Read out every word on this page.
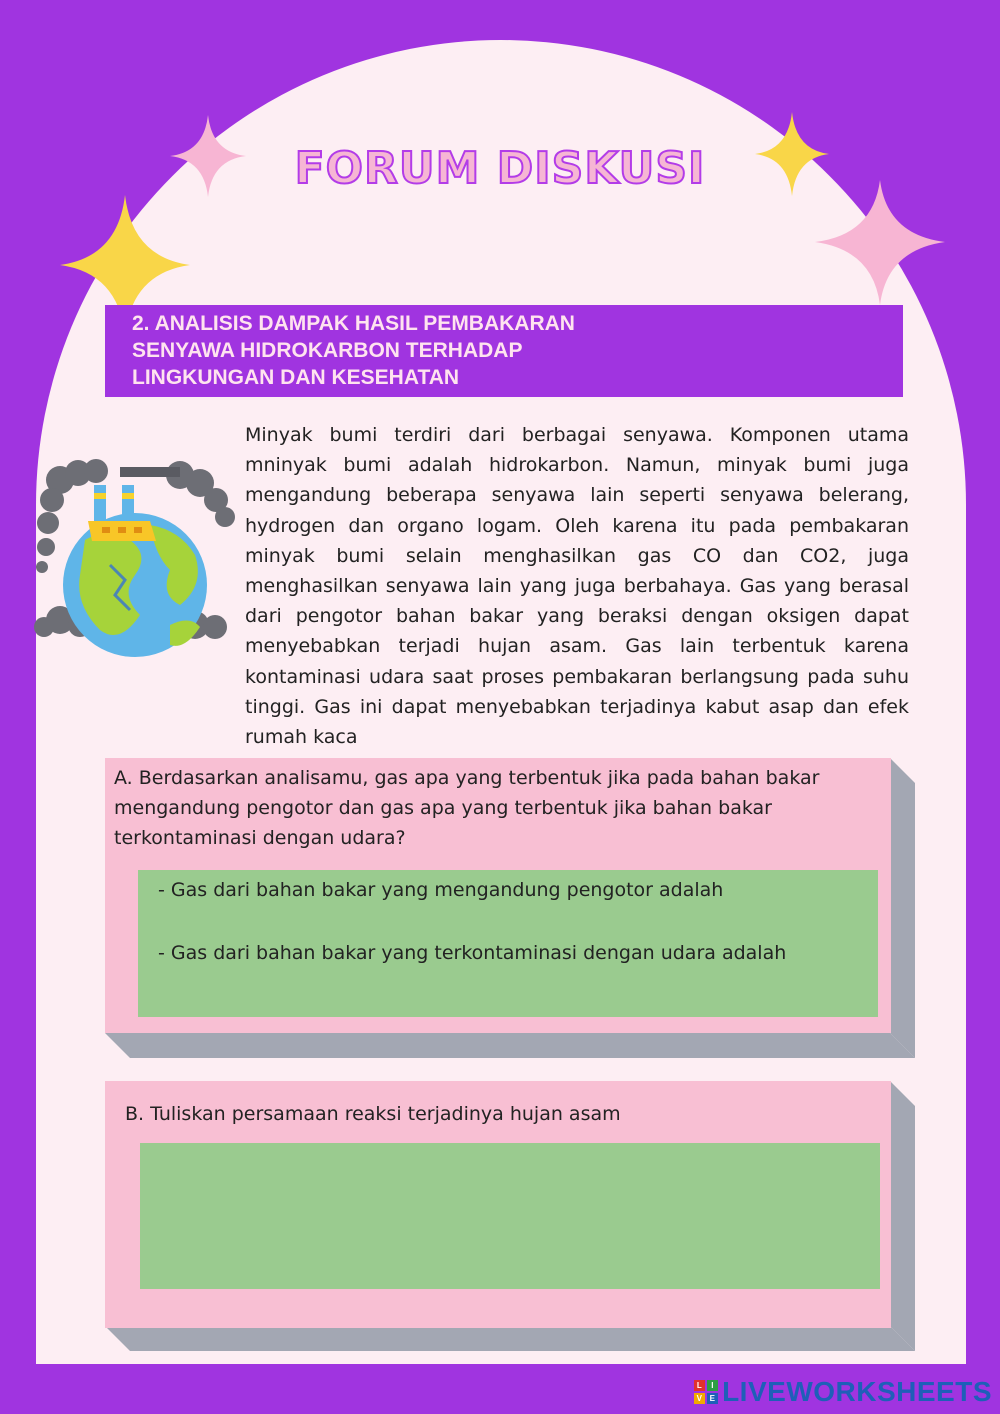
FORUM DISKUSI
2. ANALISIS DAMPAK HASIL PEMBAKARAN
SENYAWA HIDROKARBON TERHADAP
LINGKUNGAN DAN KESEHATAN
Minyak bumi terdiri dari berbagai senyawa. Komponen utama mninyak bumi adalah hidrokarbon. Namun, minyak bumi juga mengandung beberapa senyawa lain seperti senyawa belerang, hydrogen dan organo logam. Oleh karena itu pada pembakaran minyak bumi selain menghasilkan gas CO dan CO2, juga menghasilkan senyawa lain yang juga berbahaya. Gas yang berasal dari pengotor bahan bakar yang beraksi dengan oksigen dapat menyebabkan terjadi hujan asam. Gas lain terbentuk karena kontaminasi udara saat proses pembakaran berlangsung pada suhu tinggi. Gas ini dapat menyebabkan terjadinya kabut asap dan efek rumah kaca
A. Berdasarkan analisamu, gas apa yang terbentuk jika pada bahan bakar mengandung pengotor dan gas apa yang terbentuk jika bahan bakar terkontaminasi dengan udara?
- Gas dari bahan bakar yang mengandung pengotor adalah
- Gas dari bahan bakar yang terkontaminasi dengan udara adalah
B. Tuliskan persamaan reaksi terjadinya hujan asam
L	I
V E LIVEWORKSHEETS
